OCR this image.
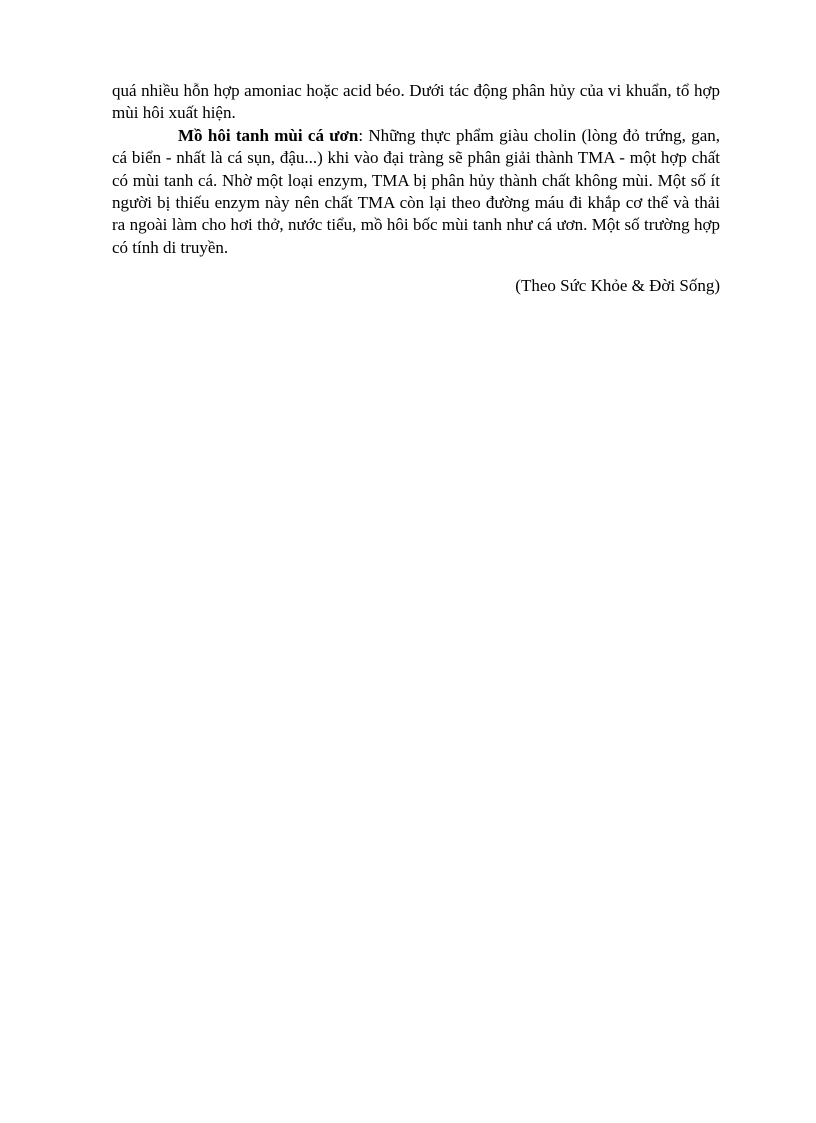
quá nhiều hỗn hợp amoniac hoặc acid béo. Dưới tác động phân hủy của vi khuẩn, tổ hợp mùi hôi xuất hiện.

Mồ hôi tanh mùi cá ươn: Những thực phẩm giàu cholin (lòng đỏ trứng, gan, cá biển - nhất là cá sụn, đậu...) khi vào đại tràng sẽ phân giải thành TMA - một hợp chất có mùi tanh cá. Nhờ một loại enzym, TMA bị phân hủy thành chất không mùi. Một số ít người bị thiếu enzym này nên chất TMA còn lại theo đường máu đi khắp cơ thể và thải ra ngoài làm cho hơi thở, nước tiểu, mồ hôi bốc mùi tanh như cá ươn. Một số trường hợp có tính di truyền.

(Theo Sức Khỏe & Đời Sống)
